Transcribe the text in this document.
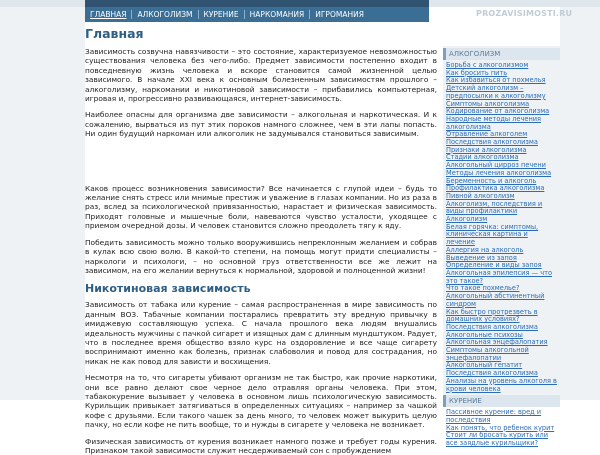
ГЛАВНАЯ	АЛКОГОЛИЗМ	КУРЕНИЕ	НАРКОМАНИЯ	ИГРОМАНИЯ	PROZAVISIMOSTI.RU
Главная

Зависимость созвучна навязчивости – это состояние, характеризуемое невозможностью существования человека без чего-либо. Предмет зависимости постепенно входит в повседневную жизнь человека и вскоре становится самой жизненной целью зависимого. В начале XXI века к основным болезненным зависимостям прошлого – алкоголизму, наркомании и никотиновой зависимости – прибавились компьютерная, игровая и, прогрессивно развивающаяся, интернет-зависимость.

Наиболее опасны для организма две зависимости – алкогольная и наркотическая. И к сожалению, вырваться из пут этих пороков намного сложнее, чем в эти лапы попасть. Ни один будущий наркоман или алкоголик не задумывался становиться зависимым.

Каков процесс возникновения зависимости? Все начинается с глупой идеи – будь то желание снять стресс или мнимые престиж и уважение в глазах компании. Но из раза в раз, вслед за психологической привязанностью, нарастает и физическая зависимость. Приходят головные и мышечные боли, навеваются чувство усталости, уходящее с приемом очередной дозы. И человек становится сложно преодолеть тягу к яду.

Победить зависимость можно только вооружившись непреклонным желанием и собрав в кулак всю свою волю. В какой-то степени, на помощь могут придти специалисты – наркологи и психологи, – но основной груз ответственности все же лежит на зависимом, на его желании вернуться к нормальной, здоровой и полноценной жизни!

Никотиновая зависимость

Зависимость от табака или курение – самая распространенная в мире зависимость по данным ВОЗ. Табачные компании постарались превратить эту вредную привычку в имиджевую составляющую успеха. С начала прошлого века людям внушались идеальность мужчины с пачкой сигарет и изящных дам с длинным мундштуком. Радует, что в последнее время общество взяло курс на оздоровление и все чаще сигарету воспринимают именно как болезнь, признак слабоволия и повод для сострадания, но никак не как повод для зависти и восхищения.

Несмотря на то, что сигареты убивают организм не так быстро, как прочие наркотики, они все равно делают свое черное дело отравляя органы человека. При этом, табакокурение вызывает у человека в основном лишь психологическую зависимость. Курильщик привыкает затягиваться в определенных ситуациях – например за чашкой кофе с друзьями. Если такого чашек за день много, то человек может выкурить целую пачку, но если кофе не пить вообще, то и нужды в сигарете у человека не возникает.

Физическая зависимость от курения возникает намного позже и требует годы курения. Признаком такой зависимости служит несдерживаемый сон с пробуждением

АЛКОГОЛИЗМ
Борьба с алкоголизмом
Как бросить пить
Как избавиться от похмелья
Детский алкоголизм – предпосылки к алкоголизму
Симптомы алкоголизма
Кодирование от алкоголизма
Народные методы лечения алкоголизма
Отравление алкоголем
Последствия алкоголизма
Признаки алкоголизма
Стадии алкоголизма
Алкогольный цирроз печени
Методы лечения алкоголизма
Беременность и алкоголь
Профилактика алкоголизма
Пивной алкоголизм
Алкоголизм, последствия и виды профилактики
Алкоголизм
Белая горячка: симптомы, клиническая картина и лечение
Аллергия на алкоголь
Выведение из запоя
Определение и виды запоя
Алкогольная эпилепсия — что это такое?
Что такое похмелье?
Алкогольный абстинентный синдром
Как быстро протрезветь в домашних условиях?
Последствия алкоголизма
Алкогольные психозы
Алкогольная энцефалопатия
Симптомы алкогольной энцефалопатии
Алкогольный гепатит
Последствия алкоголизма
Анализы на уровень алкоголя в крови человека
КУРЕНИЕ
Пассивное курение: вред и последствия
Как понять, что ребенок курит
Стоит ли бросать курить или все заядлые курильщики?
